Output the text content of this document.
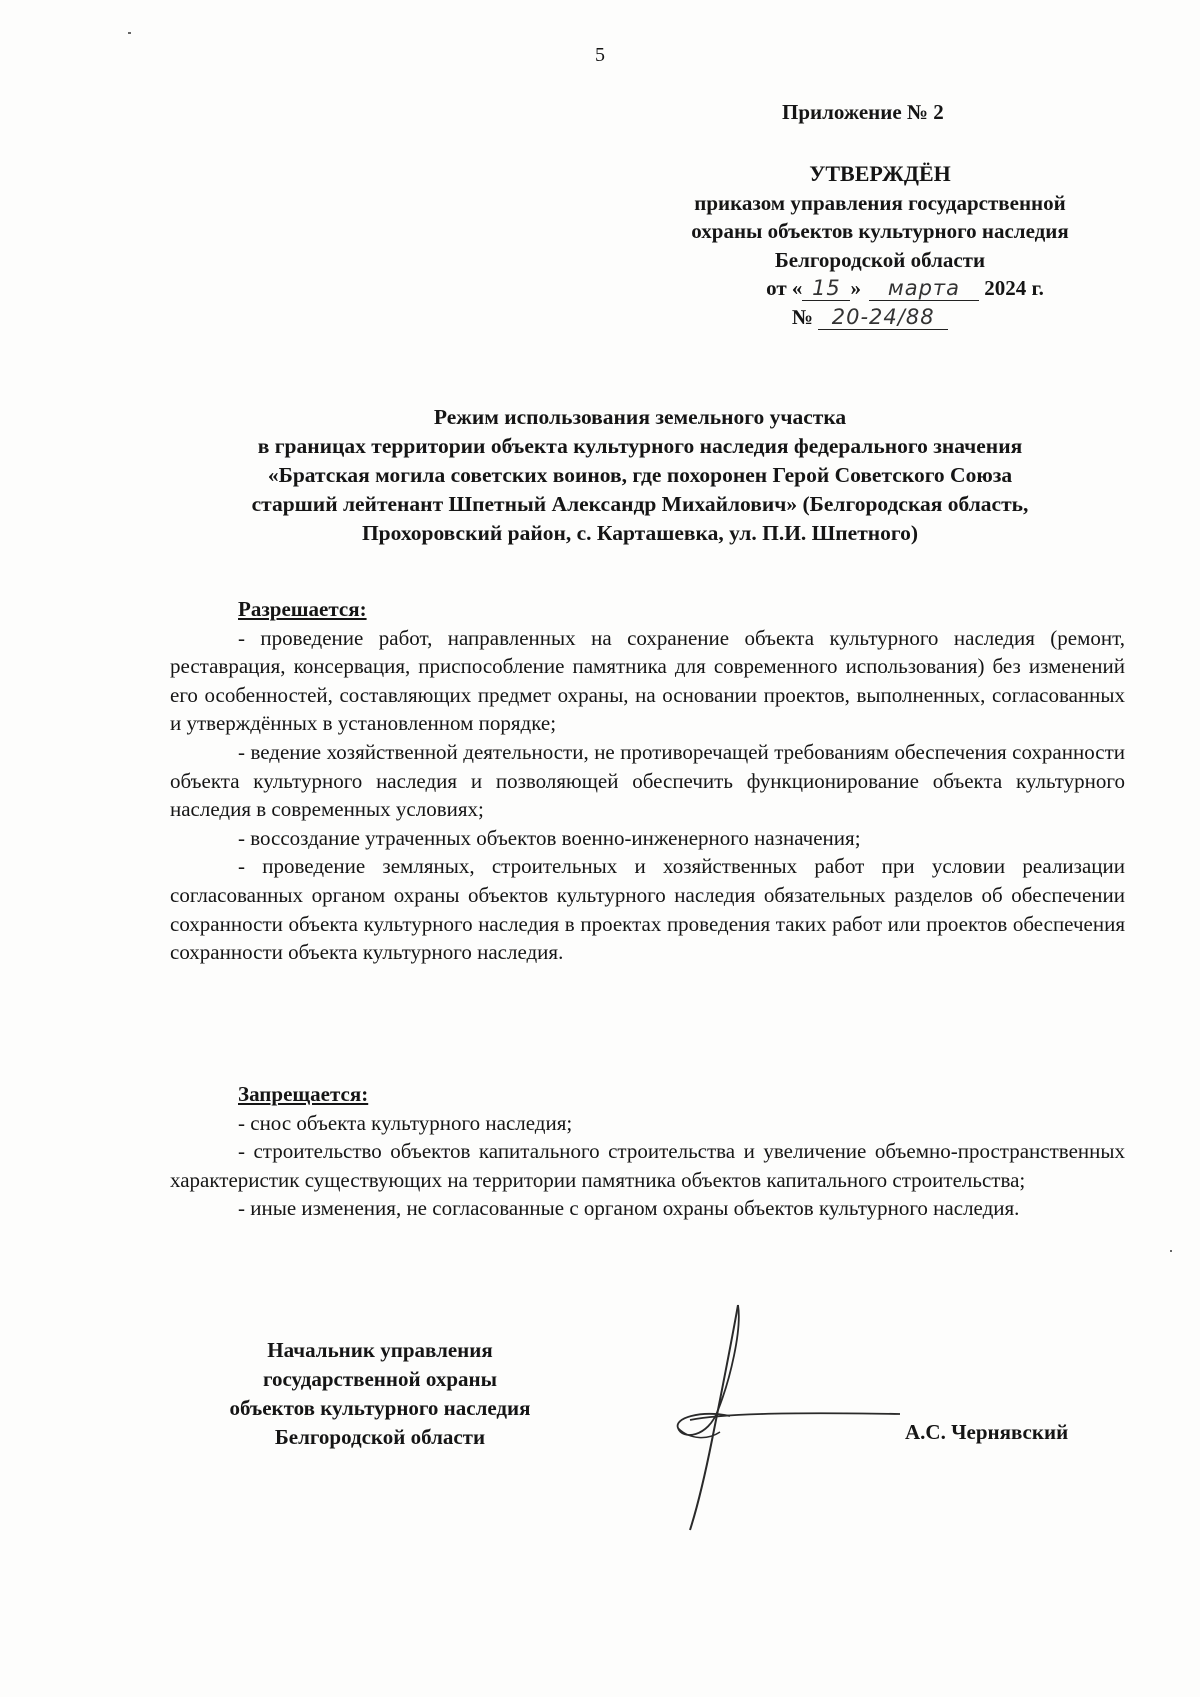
5
Приложение № 2
УТВЕРЖДЁН
приказом управления государственной
охраны объектов культурного наследия
Белгородской области
от « 15 » марта 2024 г.
№ 20-24/88
Режим использования земельного участка
в границах территории объекта культурного наследия федерального значения
«Братская могила советских воинов, где похоронен Герой Советского Союза
старший лейтенант Шпетный Александр Михайлович» (Белгородская область,
Прохоровский район, с. Карташевка, ул. П.И. Шпетного)
Разрешается:

- проведение работ, направленных на сохранение объекта культурного наследия (ремонт, реставрация, консервация, приспособление памятника для современного использования) без изменений его особенностей, составляющих предмет охраны, на основании проектов, выполненных, согласованных и утверждённых в установленном порядке;

- ведение хозяйственной деятельности, не противоречащей требованиям обеспечения сохранности объекта культурного наследия и позволяющей обеспечить функционирование объекта культурного наследия в современных условиях;

- воссоздание утраченных объектов военно-инженерного назначения;

- проведение земляных, строительных и хозяйственных работ при условии реализации согласованных органом охраны объектов культурного наследия обязательных разделов об обеспечении сохранности объекта культурного наследия в проектах проведения таких работ или проектов обеспечения сохранности объекта культурного наследия.

Запрещается:

- снос объекта культурного наследия;

- строительство объектов капитального строительства и увеличение объемно-пространственных характеристик существующих на территории памятника объектов капитального строительства;

- иные изменения, не согласованные с органом охраны объектов культурного наследия.

Начальник управления
государственной охраны
объектов культурного наследия
Белгородской области	А.С. Чернявский
